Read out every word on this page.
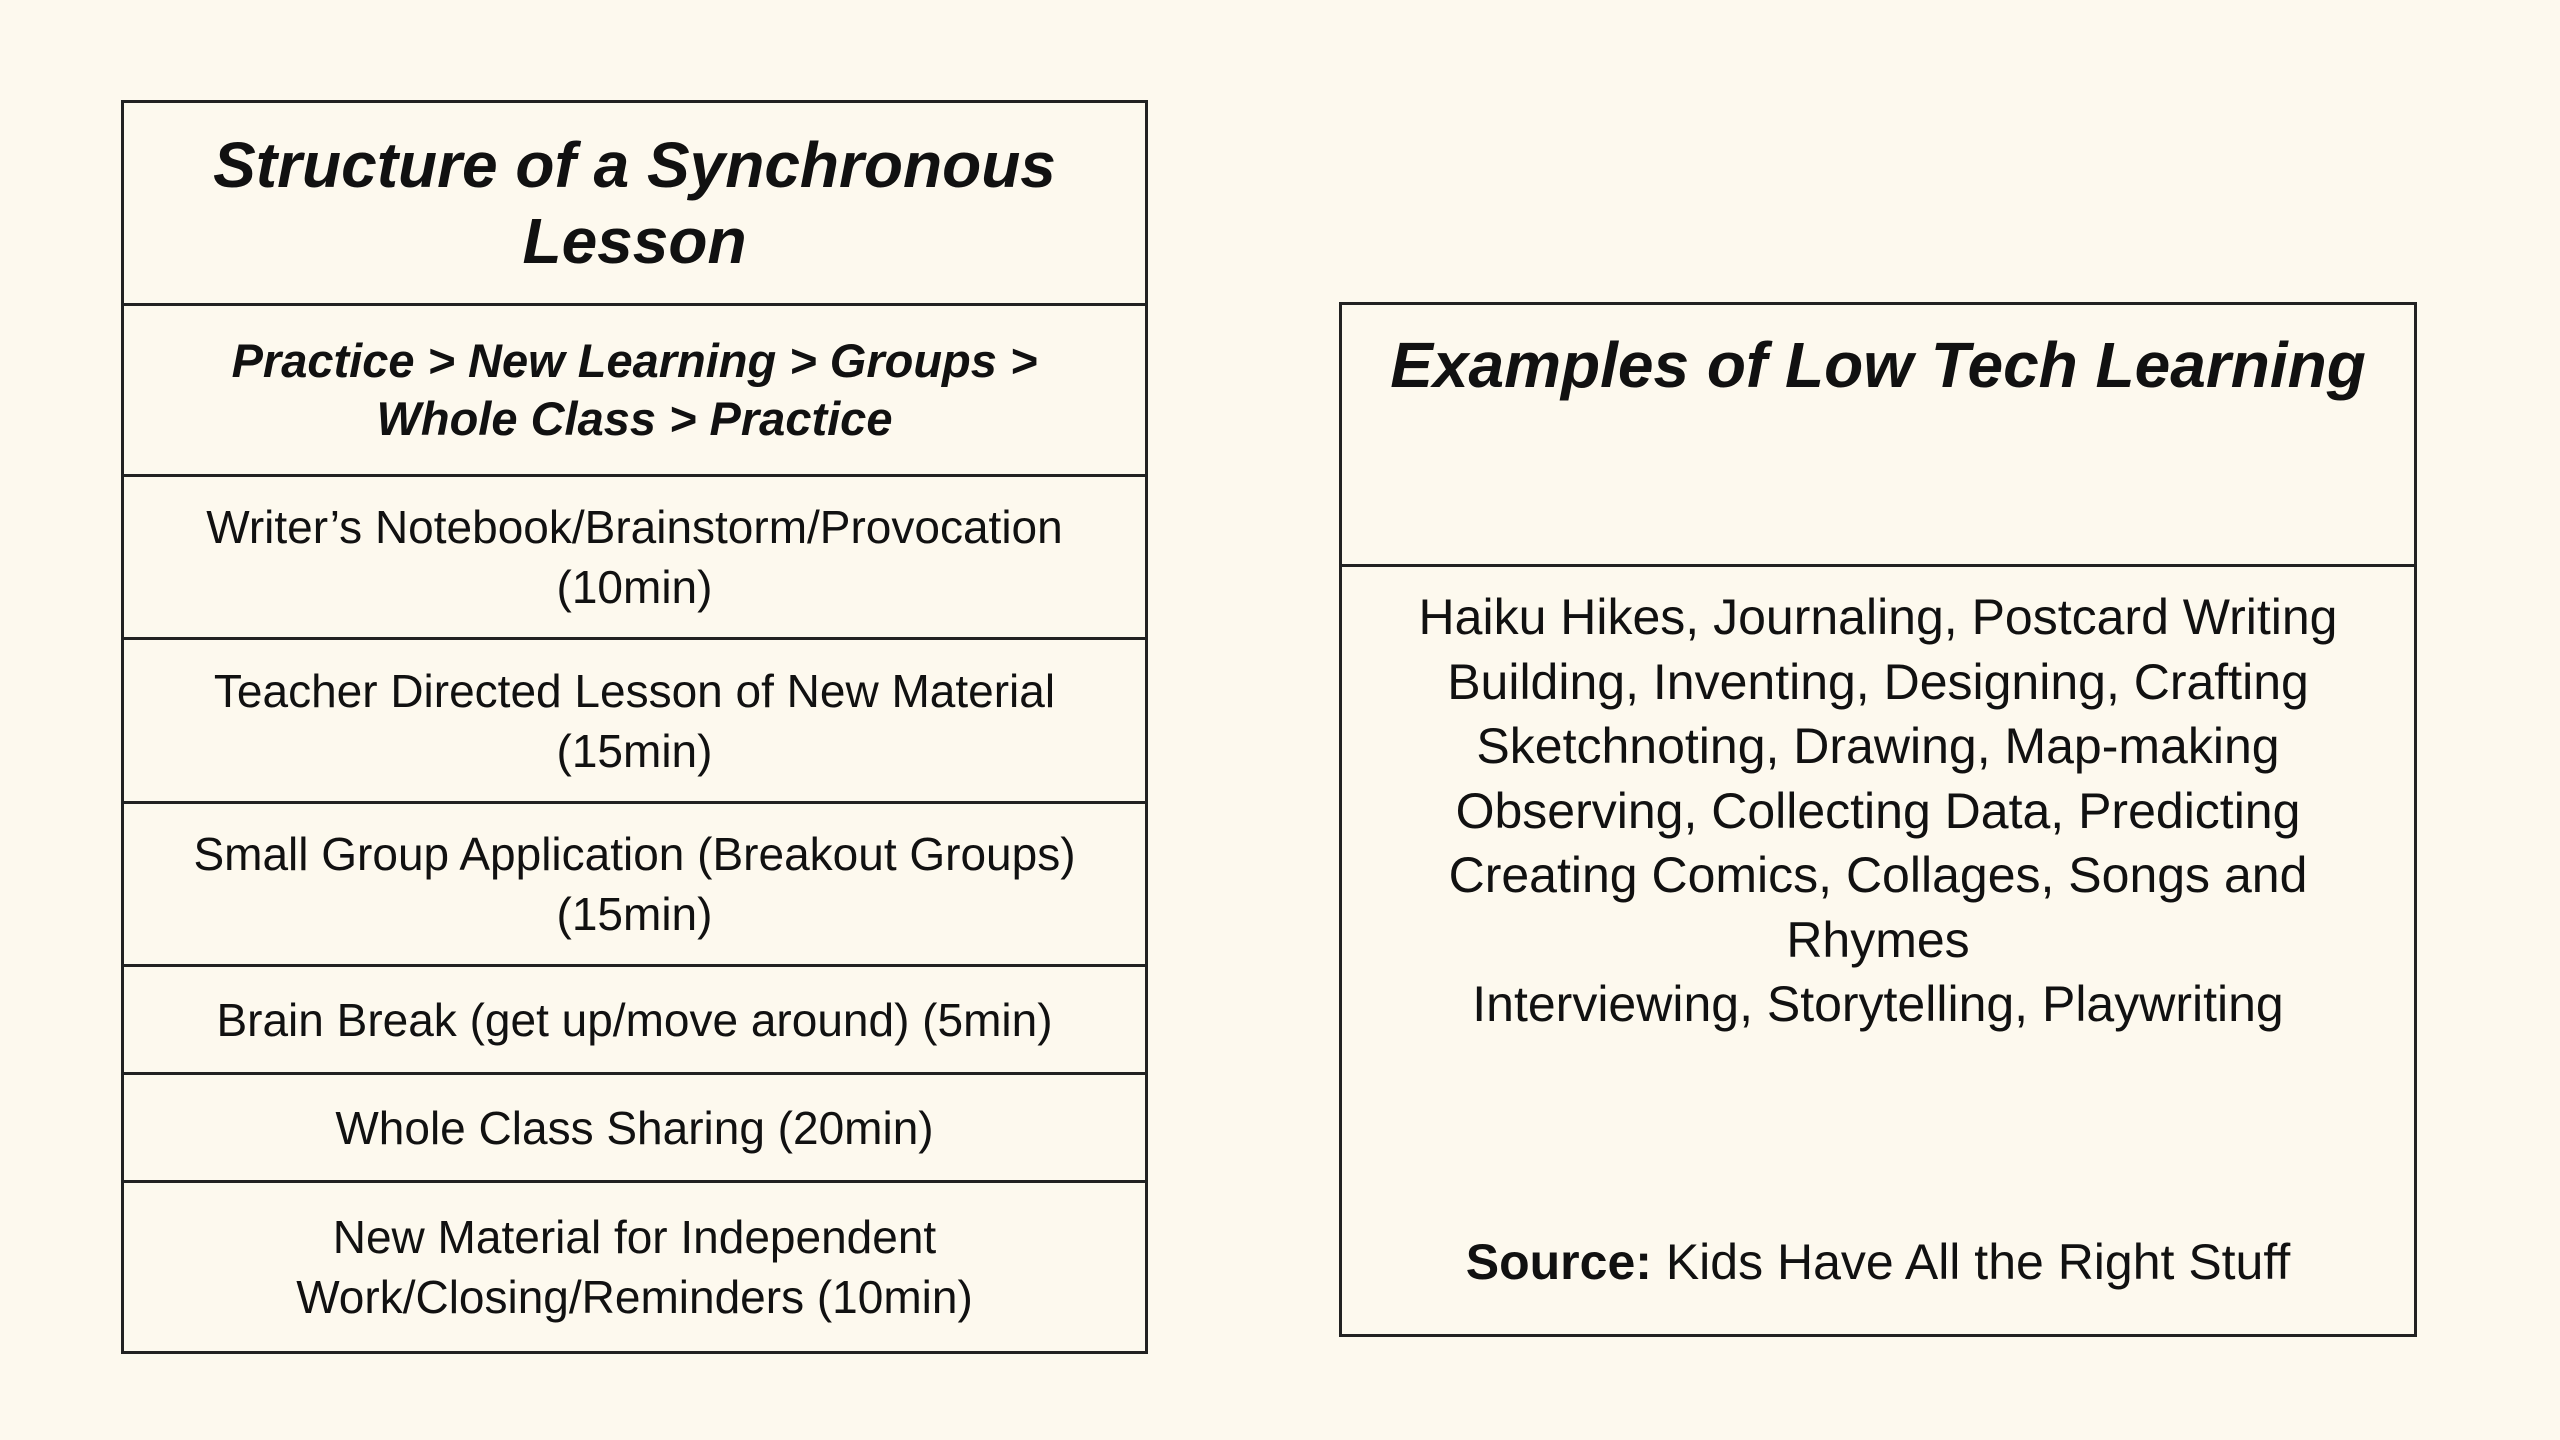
Structure of a Synchronous
Lesson
Practice > New Learning > Groups >
Whole Class > Practice
Writer’s Notebook/Brainstorm/Provocation
(10min)
Teacher Directed Lesson of New Material
(15min)
Small Group Application (Breakout Groups)
(15min)
Brain Break (get up/move around) (5min)
Whole Class Sharing (20min)
New Material for Independent
Work/Closing/Reminders (10min)
Examples of Low Tech Learning
Haiku Hikes, Journaling, Postcard Writing
Building, Inventing, Designing, Crafting
Sketchnoting, Drawing, Map-making
Observing, Collecting Data, Predicting
Creating Comics, Collages, Songs and
Rhymes
Interviewing, Storytelling, Playwriting
Source: Kids Have All the Right Stuff
